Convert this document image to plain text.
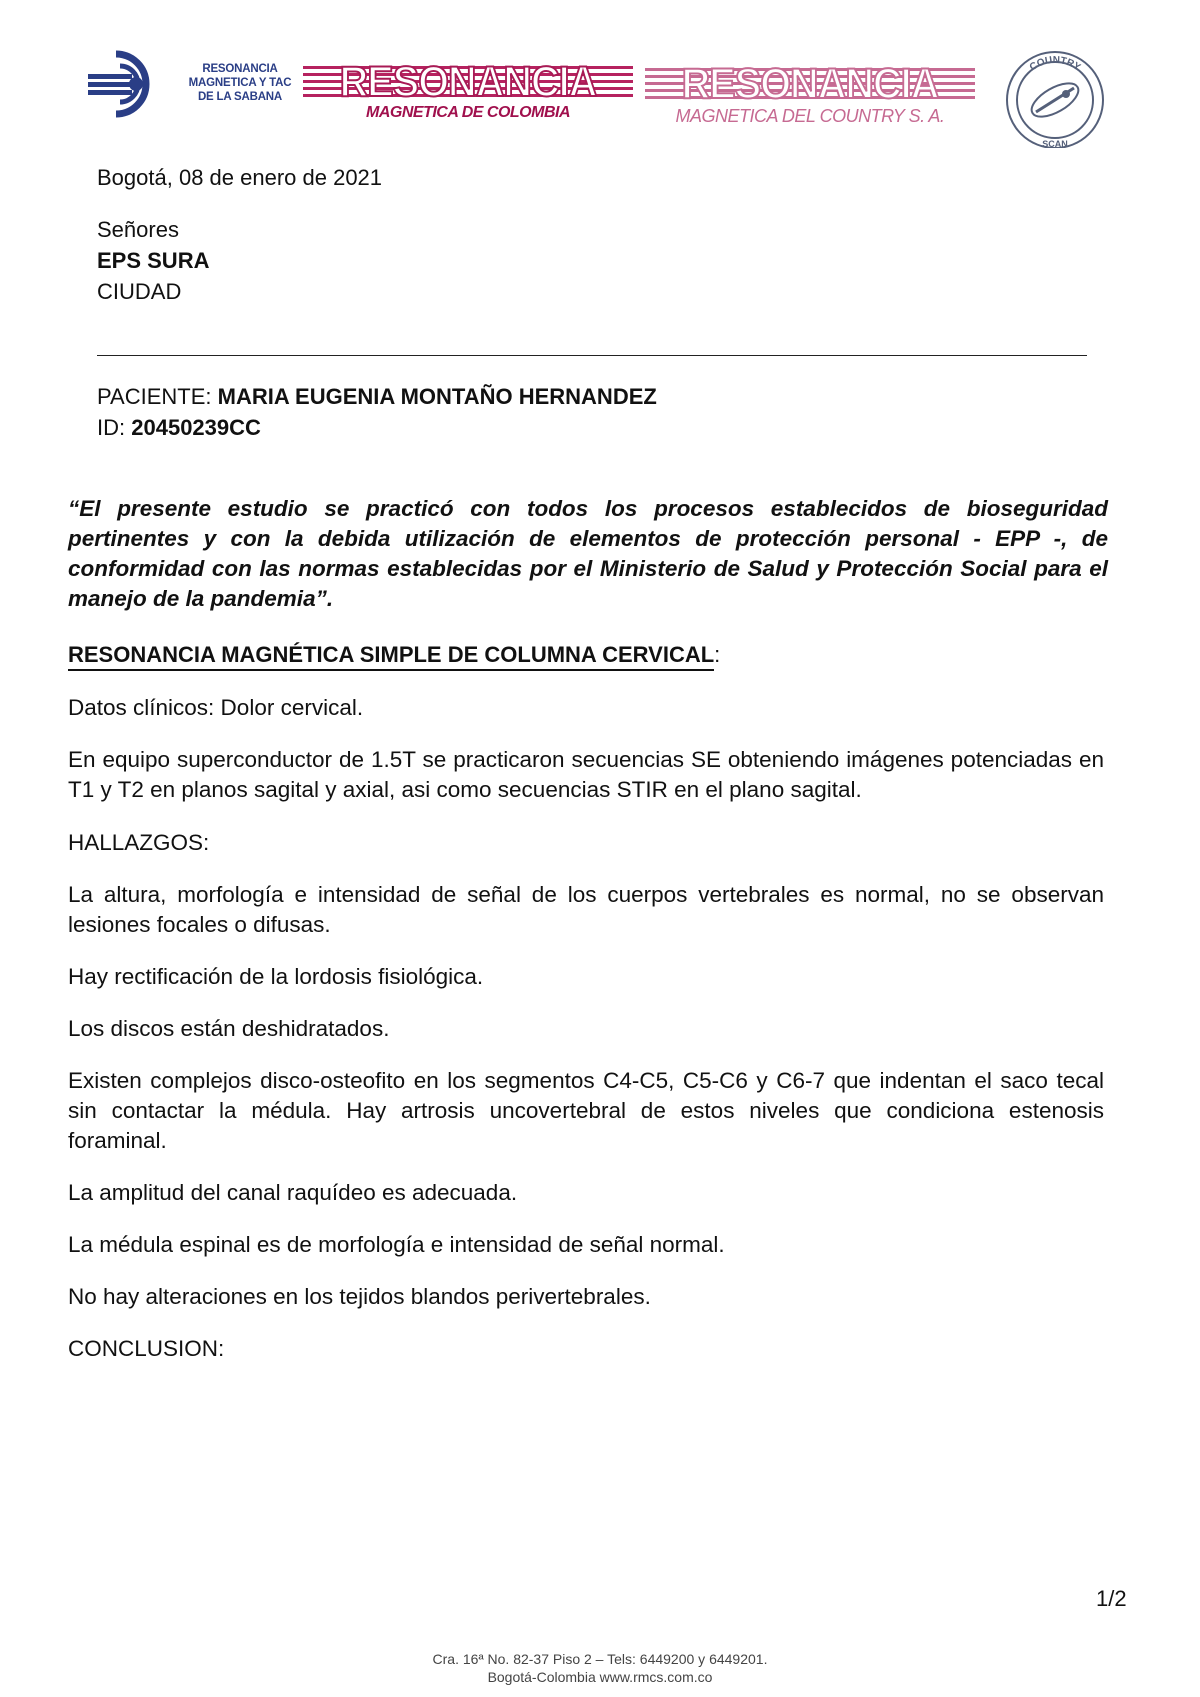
RESONANCIA
MAGNETICA Y TAC
DE LA SABANA	RESONANCIA
MAGNETICA DE COLOMBIA
RESONANCIA
MAGNETICA DEL COUNTRY S. A.
COUNTRY
SCAN
Bogotá, 08 de enero de 2021
Señores
EPS SURA
CIUDAD
PACIENTE: MARIA EUGENIA MONTAÑO HERNANDEZ
ID: 20450239CC
“El presente estudio se practicó con todos los procesos establecidos de bioseguridad pertinentes y con la debida utilización de elementos de protección personal - EPP -, de conformidad con las normas establecidas por el Ministerio de Salud y Protección Social para el manejo de la pandemia”.
RESONANCIA MAGNÉTICA SIMPLE DE COLUMNA CERVICAL:
Datos clínicos: Dolor cervical.
En equipo superconductor de 1.5T se practicaron secuencias SE obteniendo imágenes potenciadas en T1 y T2 en planos sagital y axial, asi como secuencias STIR en el plano sagital.
HALLAZGOS:
La altura, morfología e intensidad de señal de los cuerpos vertebrales es normal, no se observan lesiones focales o difusas.
Hay rectificación de la lordosis fisiológica.
Los discos están deshidratados.
Existen complejos disco-osteofito en los segmentos C4-C5, C5-C6 y C6-7 que indentan el saco tecal sin contactar la médula. Hay artrosis uncovertebral de estos niveles que condiciona estenosis foraminal.
La amplitud del canal raquídeo es adecuada.
La médula espinal es de morfología e intensidad de señal normal.
No hay alteraciones en los tejidos blandos perivertebrales.
CONCLUSION:
1/2
Cra. 16ª No. 82-37 Piso 2 – Tels: 6449200 y 6449201.
Bogotá-Colombia www.rmcs.com.co
